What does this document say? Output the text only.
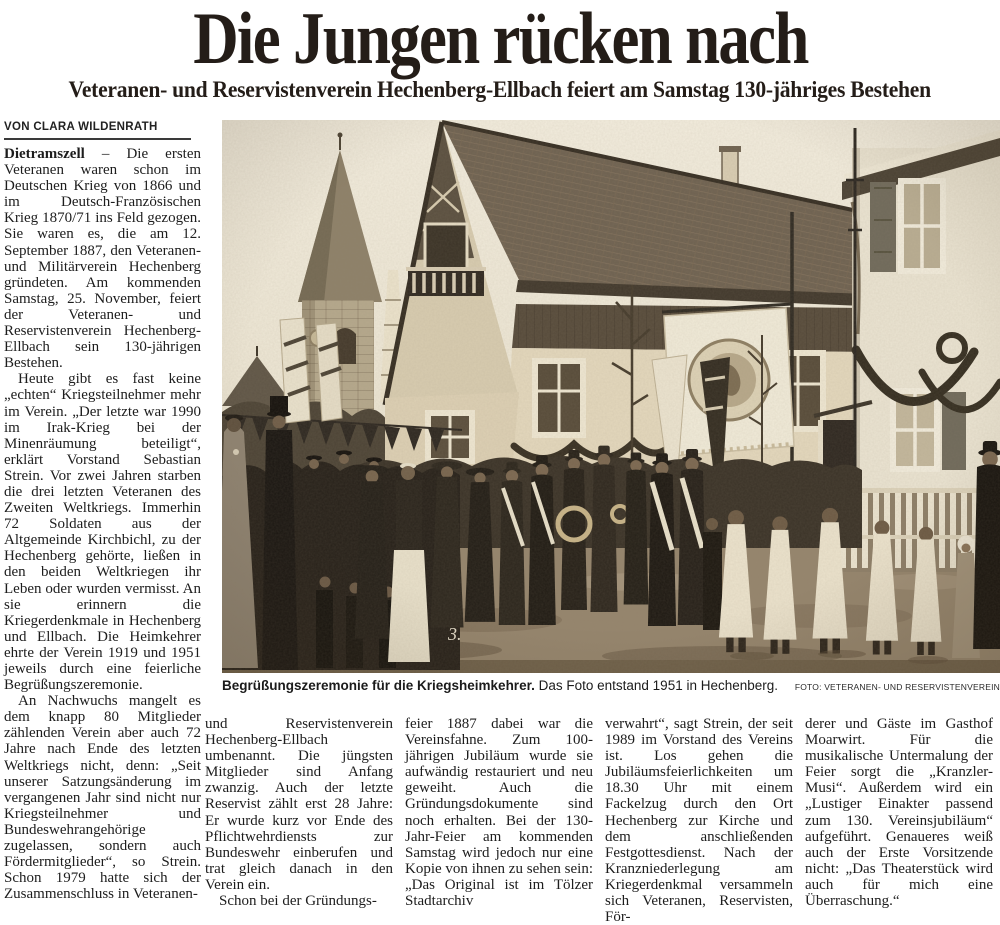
Die Jungen rücken nach
Veteranen- und Reservistenverein Hechenberg-Ellbach feiert am Samstag 130-jähriges Bestehen
VON CLARA WILDENRATH

Dietramszell – Die ersten Veteranen waren schon im Deutschen Krieg von 1866 und im Deutsch-Französischen Krieg 1870/71 ins Feld gezogen. Sie waren es, die am 12. September 1887, den Veteranen- und Militärverein Hechenberg gründeten. Am kommenden Samstag, 25. November, feiert der Veteranen- und Reservistenverein Hechenberg-Ellbach sein 130-jährigen Bestehen.

Heute gibt es fast keine „echten“ Kriegsteilnehmer mehr im Verein. „Der letzte war 1990 im Irak-Krieg bei der Minenräumung beteiligt“, erklärt Vorstand Sebastian Strein. Vor zwei Jahren starben die drei letzten Veteranen des Zweiten Weltkriegs. Immerhin 72 Soldaten aus der Altgemeinde Kirchbichl, zu der Hechenberg gehörte, ließen in den beiden Weltkriegen ihr Leben oder wurden vermisst. An sie erinnern die Kriegerdenkmale in Hechenberg und Ellbach. Die Heimkehrer ehrte der Verein 1919 und 1951 jeweils durch eine feierliche Begrüßungszeremonie.

An Nachwuchs mangelt es dem knapp 80 Mitglieder zählenden Verein aber auch 72 Jahre nach Ende des letzten Weltkriegs nicht, denn: „Seit unserer Satzungsänderung im vergangenen Jahr sind nicht nur Kriegsteilnehmer und Bundeswehrangehörige zugelassen, sondern auch Fördermitglieder“, so Strein. Schon 1979 hatte sich der Zusammenschluss in Veteranen-

Begrüßungszeremonie für die Kriegsheimkehrer.
Das Foto entstand 1951 in Hechenberg.	FOTO: VETERANEN- UND RESERVISTENVEREIN

und Reservistenverein Hechenberg-Ellbach umbenannt. Die jüngsten Mitglieder sind Anfang zwanzig. Auch der letzte Reservist zählt erst 28 Jahre: Er wurde kurz vor Ende des Pflichtwehrdiensts zur Bundeswehr einberufen und trat gleich danach in den Verein ein.

Schon bei der Gründungs-

feier 1887 dabei war die Vereinsfahne. Zum 100-jährigen Jubiläum wurde sie aufwändig restauriert und neu geweiht. Auch die Gründungsdokumente sind noch erhalten. Bei der 130-Jahr-Feier am kommenden Samstag wird jedoch nur eine Kopie von ihnen zu sehen sein: „Das Original ist im Tölzer Stadtarchiv

verwahrt“, sagt Strein, der seit 1989 im Vorstand des Vereins ist. Los gehen die Jubiläumsfeierlichkeiten um 18.30 Uhr mit einem Fackelzug durch den Ort Hechenberg zur Kirche und dem anschließenden Festgottesdienst. Nach der Kranzniederlegung am Kriegerdenkmal versammeln sich Veteranen, Reservisten, För-

derer und Gäste im Gasthof Moarwirt. Für die musikalische Untermalung der Feier sorgt die „Kranzler-Musi“. Außerdem wird ein „Lustiger Einakter passend zum 130. Vereinsjubiläum“ aufgeführt. Genaueres weiß auch der Erste Vorsitzende nicht: „Das Theaterstück wird auch für mich eine Überraschung.“
